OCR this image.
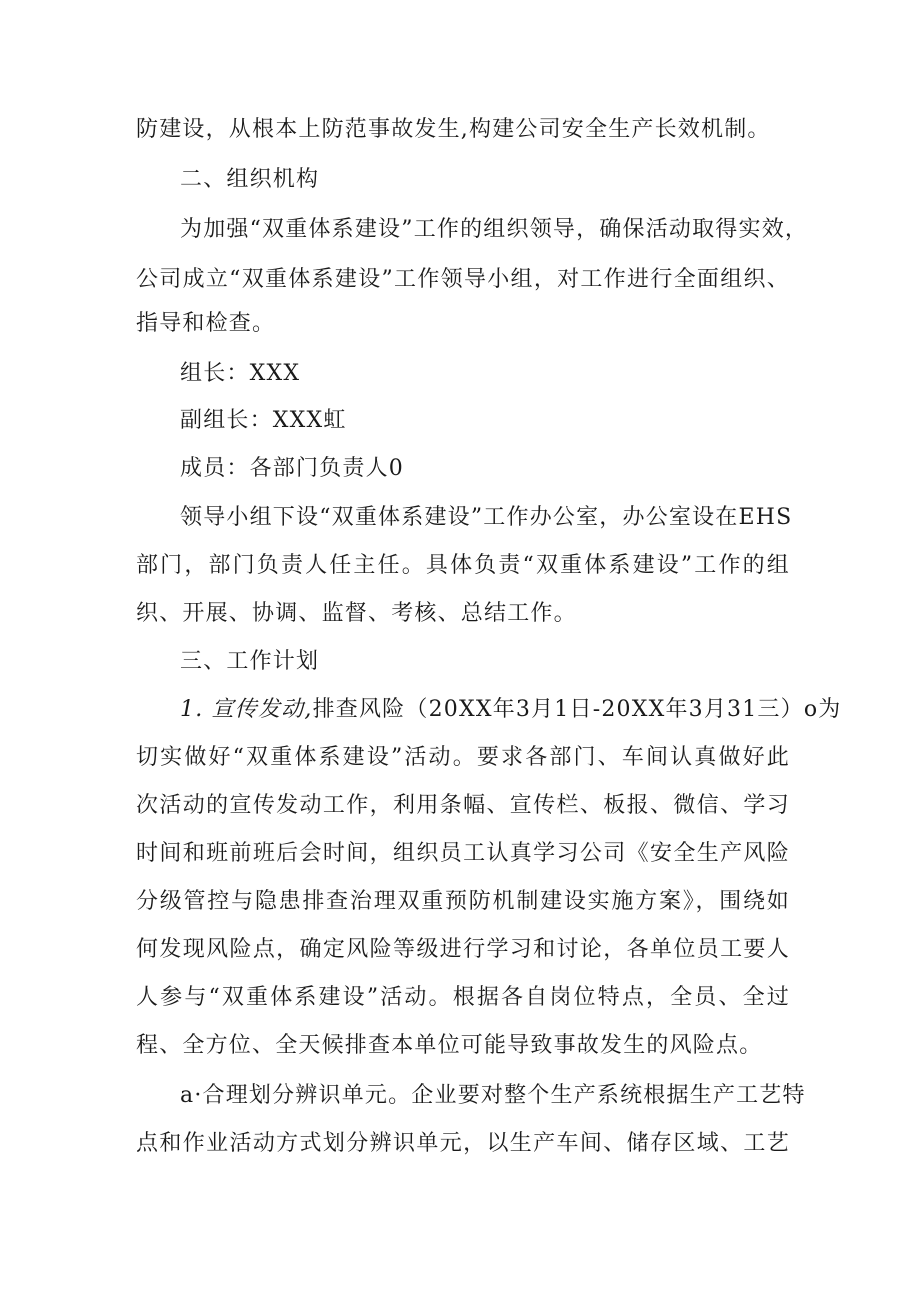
防建设，从根本上防范事故发生,构建公司安全生产长效机制。

二、组织机构

为加强“双重体系建设”工作的组织领导，确保活动取得实效，

公司成立“双重体系建设”工作领导小组，对工作进行全面组织、

指导和检查。

组长：XXX

副组长：XXX虹

成员：各部门负责人0

领导小组下设“双重体系建设”工作办公室，办公室设在EHS

部门，部门负责人任主任。具体负责“双重体系建设”工作的组

织、开展、协调、监督、考核、总结工作。

三、工作计划

1. 宣传发动,排查风险（20XX年3月1日-20XX年3月31三）o为

切实做好“双重体系建设”活动。要求各部门、车间认真做好此

次活动的宣传发动工作，利用条幅、宣传栏、板报、微信、学习

时间和班前班后会时间，组织员工认真学习公司《安全生产风险

分级管控与隐患排查治理双重预防机制建设实施方案》，围绕如

何发现风险点，确定风险等级进行学习和讨论，各单位员工要人

人参与“双重体系建设”活动。根据各自岗位特点，全员、全过

程、全方位、全天候排查本单位可能导致事故发生的风险点。

a·合理划分辨识单元。企业要对整个生产系统根据生产工艺特

点和作业活动方式划分辨识单元，以生产车间、储存区域、工艺
